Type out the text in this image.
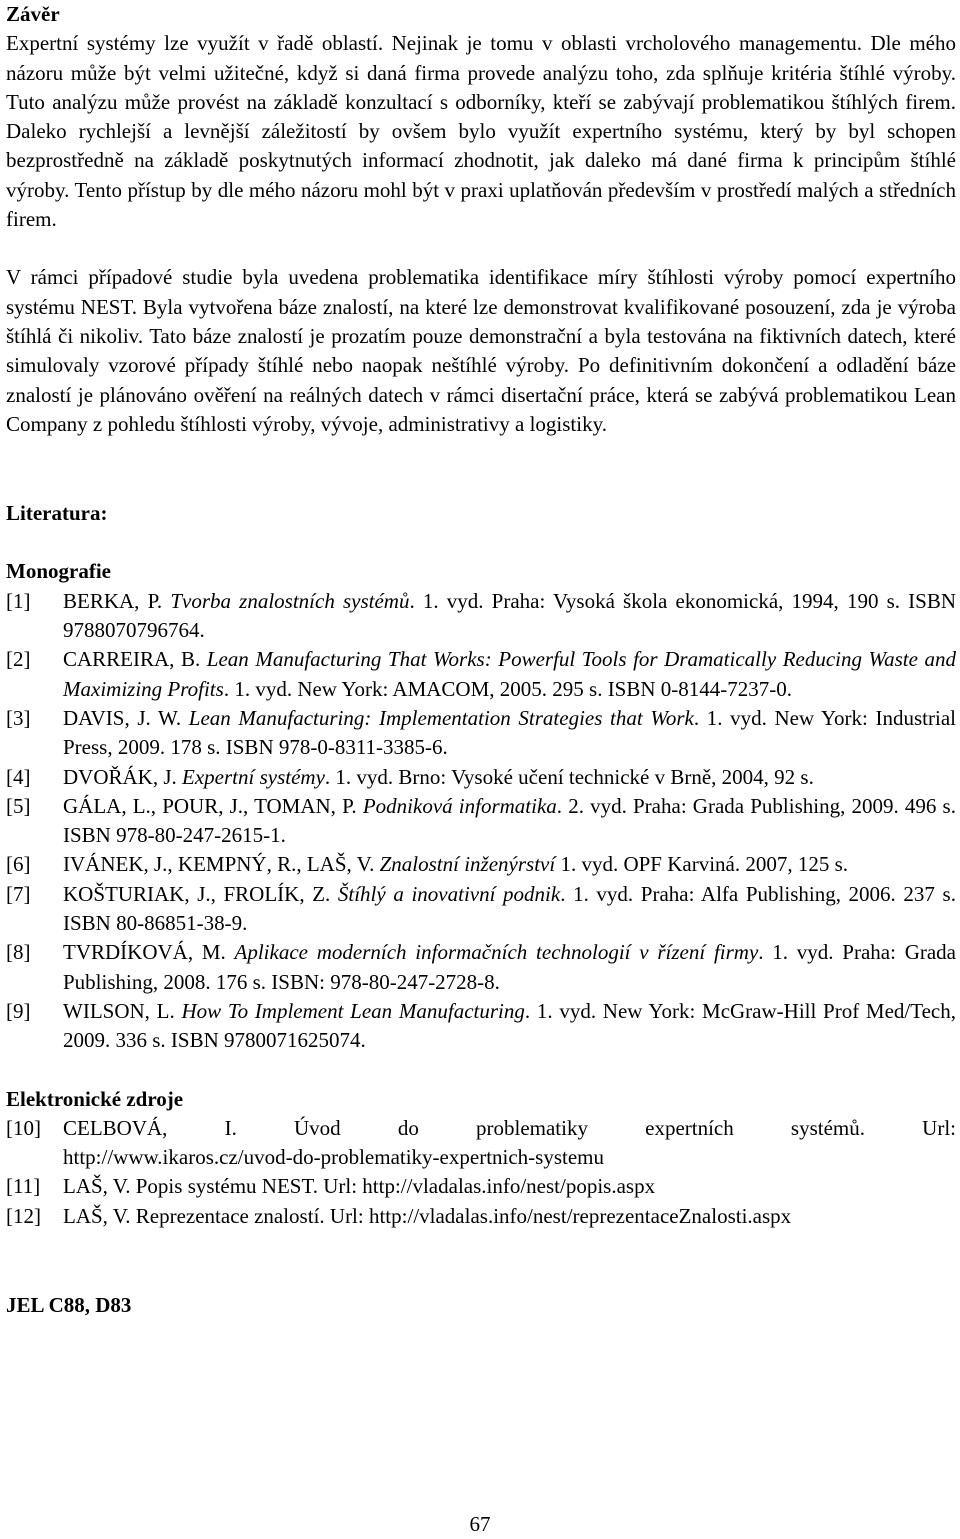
Závěr

Expertní systémy lze využít v řadě oblastí. Nejinak je tomu v oblasti vrcholového managementu. Dle mého názoru může být velmi užitečné, když si daná firma provede analýzu toho, zda splňuje kritéria štíhlé výroby. Tuto analýzu může provést na základě konzultací s odborníky, kteří se zabývají problematikou štíhlých firem. Daleko rychlejší a levnější záležitostí by ovšem bylo využít expertního systému, který by byl schopen bezprostředně na základě poskytnutých informací zhodnotit, jak daleko má dané firma k principům štíhlé výroby. Tento přístup by dle mého názoru mohl být v praxi uplatňován především v prostředí malých a středních firem.

V rámci případové studie byla uvedena problematika identifikace míry štíhlosti výroby pomocí expertního systému NEST. Byla vytvořena báze znalostí, na které lze demonstrovat kvalifikované posouzení, zda je výroba štíhlá či nikoliv. Tato báze znalostí je prozatím pouze demonstrační a byla testována na fiktivních datech, které simulovaly vzorové případy štíhlé nebo naopak neštíhlé výroby. Po definitivním dokončení a odladění báze znalostí je plánováno ověření na reálných datech v rámci disertační práce, která se zabývá problematikou Lean Company z pohledu štíhlosti výroby, vývoje, administrativy a logistiky.

Literatura:

Monografie

[1]	BERKA, P. Tvorba znalostních systémů. 1. vyd. Praha: Vysoká škola ekonomická, 1994, 190 s. ISBN 9788070796764.
[2]	CARREIRA, B. Lean Manufacturing That Works: Powerful Tools for Dramatically Reducing Waste and Maximizing Profits. 1. vyd. New York: AMACOM, 2005. 295 s. ISBN 0-8144-7237-0.
[3]	DAVIS, J. W. Lean Manufacturing: Implementation Strategies that Work. 1. vyd. New York: Industrial Press, 2009. 178 s. ISBN 978-0-8311-3385-6.
[4]	DVOŘÁK, J. Expertní systémy. 1. vyd. Brno: Vysoké učení technické v Brně, 2004, 92 s.
[5]	GÁLA, L., POUR, J., TOMAN, P. Podniková informatika. 2. vyd. Praha: Grada Publishing, 2009. 496 s. ISBN 978-80-247-2615-1.
[6]	IVÁNEK, J., KEMPNÝ, R., LAŠ, V. Znalostní inženýrství 1. vyd. OPF Karviná. 2007, 125 s.
[7]	KOŠTURIAK, J., FROLÍK, Z. Štíhlý a inovativní podnik. 1. vyd. Praha: Alfa Publishing, 2006. 237 s. ISBN 80-86851-38-9.
[8]	TVRDÍKOVÁ, M. Aplikace moderních informačních technologií v řízení firmy. 1. vyd. Praha: Grada Publishing, 2008. 176 s. ISBN: 978-80-247-2728-8.
[9]	WILSON, L. How To Implement Lean Manufacturing. 1. vyd. New York: McGraw-Hill Prof Med/Tech, 2009. 336 s. ISBN 9780071625074.

Elektronické zdroje

[10]	CELBOVÁ, I. Úvod do problematiky expertních systémů. Url:
http://www.ikaros.cz/uvod-do-problematiky-expertnich-systemu
[11]	LAŠ, V. Popis systému NEST. Url: http://vladalas.info/nest/popis.aspx
[12]	LAŠ, V. Reprezentace znalostí. Url: http://vladalas.info/nest/reprezentaceZnalosti.aspx

JEL C88, D83

67
